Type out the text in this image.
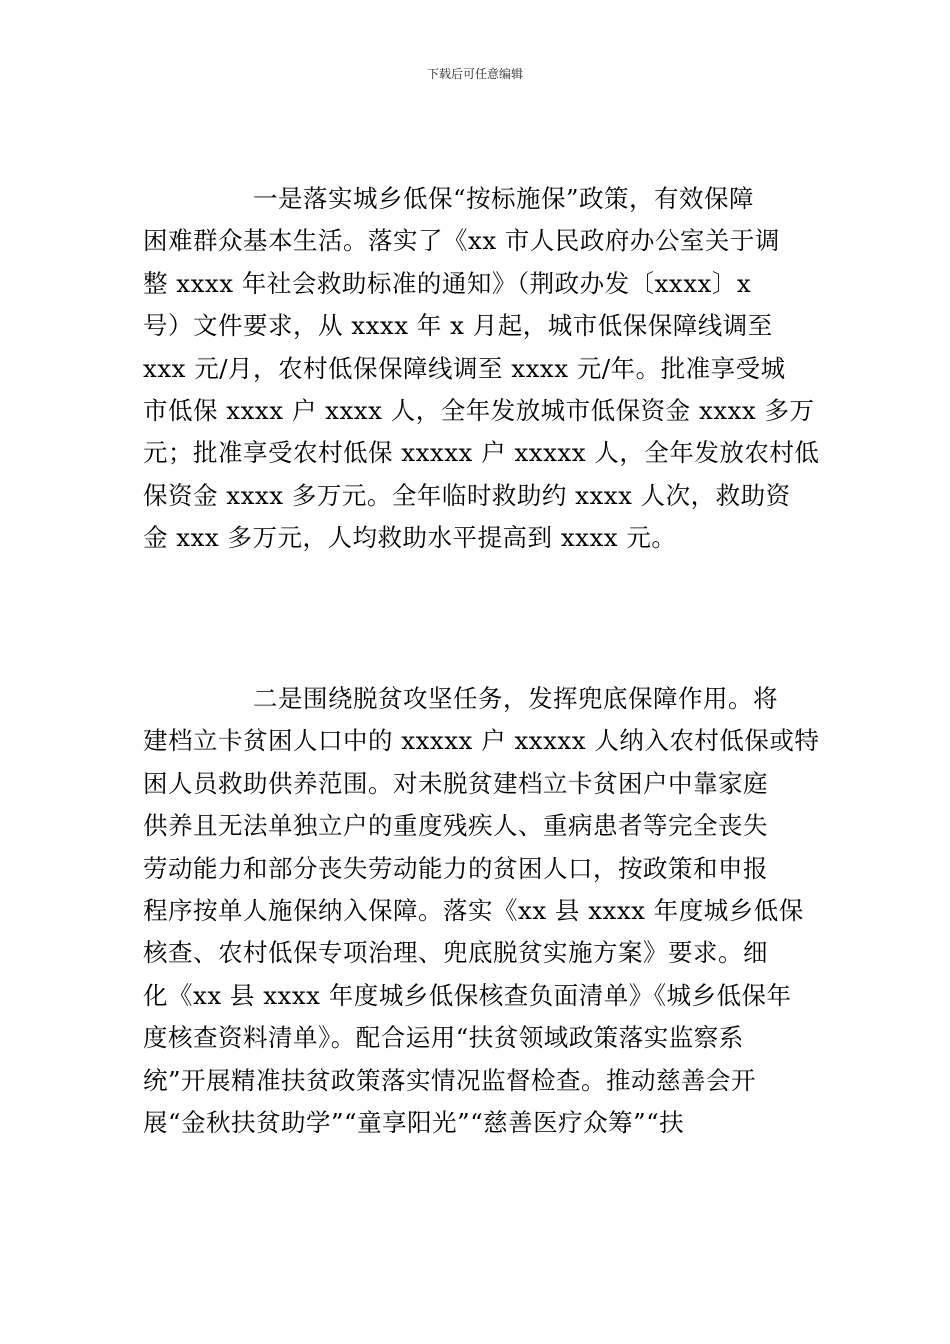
下载后可任意编辑
一是落实城乡低保“按标施保”政策，有效保障
困难群众基本生活。落实了《xx 市人民政府办公室关于调
整 xxxx 年社会救助标准的通知》（荆政办发〔xxxx〕x
号）文件要求，从 xxxx 年 x 月起，城市低保保障线调至
xxx 元/月，农村低保保障线调至 xxxx 元/年。批准享受城
市低保 xxxx 户 xxxx 人，全年发放城市低保资金 xxxx 多万
元；批准享受农村低保 xxxxx 户 xxxxx 人，全年发放农村低
保资金 xxxx 多万元。全年临时救助约 xxxx 人次，救助资
金 xxx 多万元，人均救助水平提高到 xxxx 元。
二是围绕脱贫攻坚任务，发挥兜底保障作用。将
建档立卡贫困人口中的 xxxxx 户 xxxxx 人纳入农村低保或特
困人员救助供养范围。对未脱贫建档立卡贫困户中靠家庭
供养且无法单独立户的重度残疾人、重病患者等完全丧失
劳动能力和部分丧失劳动能力的贫困人口，按政策和申报
程序按单人施保纳入保障。落实《xx 县 xxxx 年度城乡低保
核查、农村低保专项治理、兜底脱贫实施方案》要求。细
化《xx 县 xxxx 年度城乡低保核查负面清单》《城乡低保年
度核查资料清单》。配合运用“扶贫领域政策落实监察系
统”开展精准扶贫政策落实情况监督检查。推动慈善会开
展“金秋扶贫助学”“童享阳光”“慈善医疗众筹”“扶
